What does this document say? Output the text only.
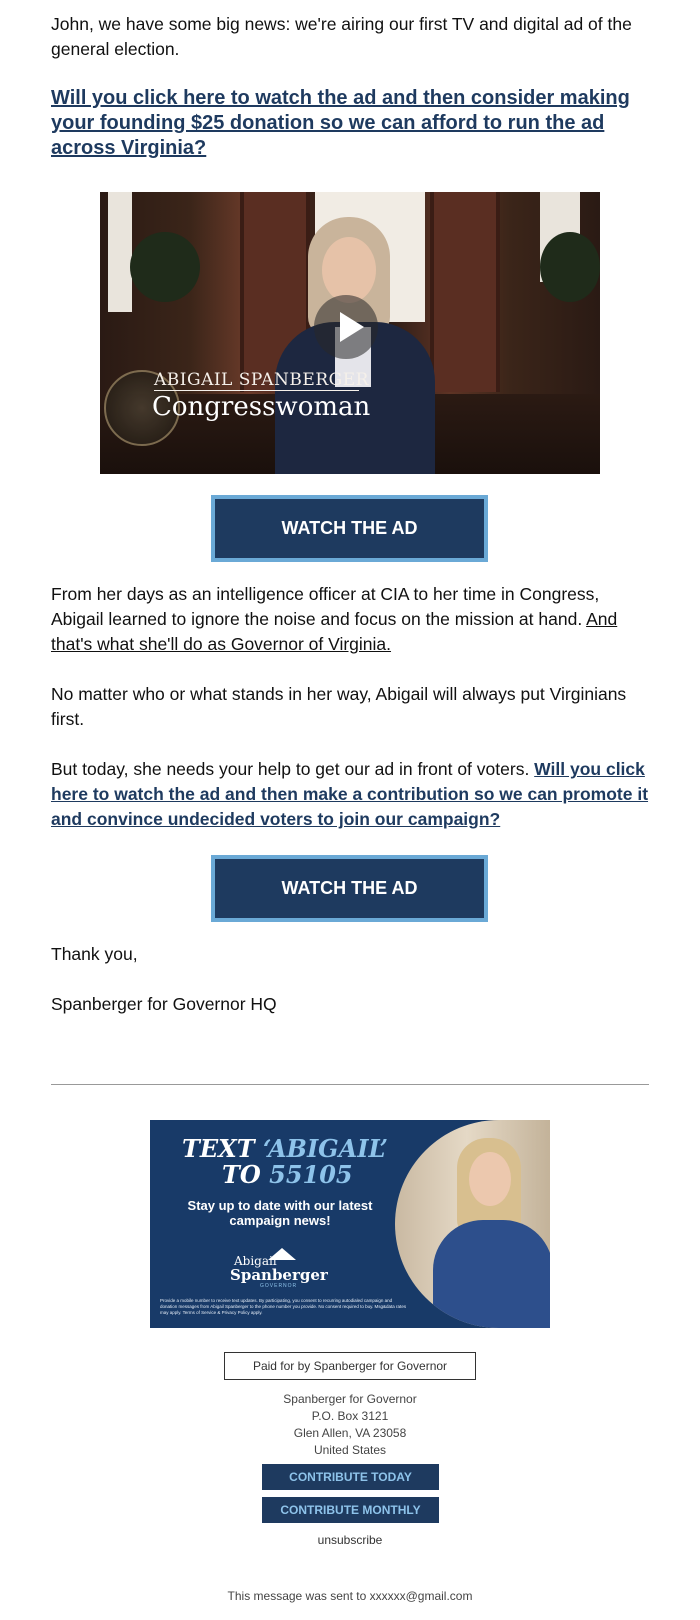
John, we have some big news: we're airing our first TV and digital ad of the general election.

Will you click here to watch the ad and then consider making your founding $25 donation so we can afford to run the ad across Virginia?
ABIGAIL SPANBERGER
Congresswoman
WATCH THE AD

From her days as an intelligence officer at CIA to her time in Congress, Abigail learned to ignore the noise and focus on the mission at hand. And that's what she'll do as Governor of Virginia.

No matter who or what stands in her way, Abigail will always put Virginians first.

But today, she needs your help to get our ad in front of voters. Will you click here to watch the ad and then make a contribution so we can promote it and convince undecided voters to join our campaign?

WATCH THE AD

Thank you,

Spanberger for Governor HQ

TEXT ‘ABIGAIL’
TO 55105
Stay up to date with our latest campaign news!
Abigail
Spanberger
GOVERNOR
Provide a mobile number to receive text updates. By participating, you consent to recurring autodialed campaign and donation messages from Abigail Spanberger to the phone number you provide. No consent required to buy. Msg&data rates may apply. Terms of Service & Privacy Policy apply.
Paid for by Spanberger for Governor
Spanberger for Governor
P.O. Box 3121
Glen Allen, VA 23058
United States
CONTRIBUTE TODAY
CONTRIBUTE MONTHLY
unsubscribe
This message was sent to xxxxxx@gmail.com
